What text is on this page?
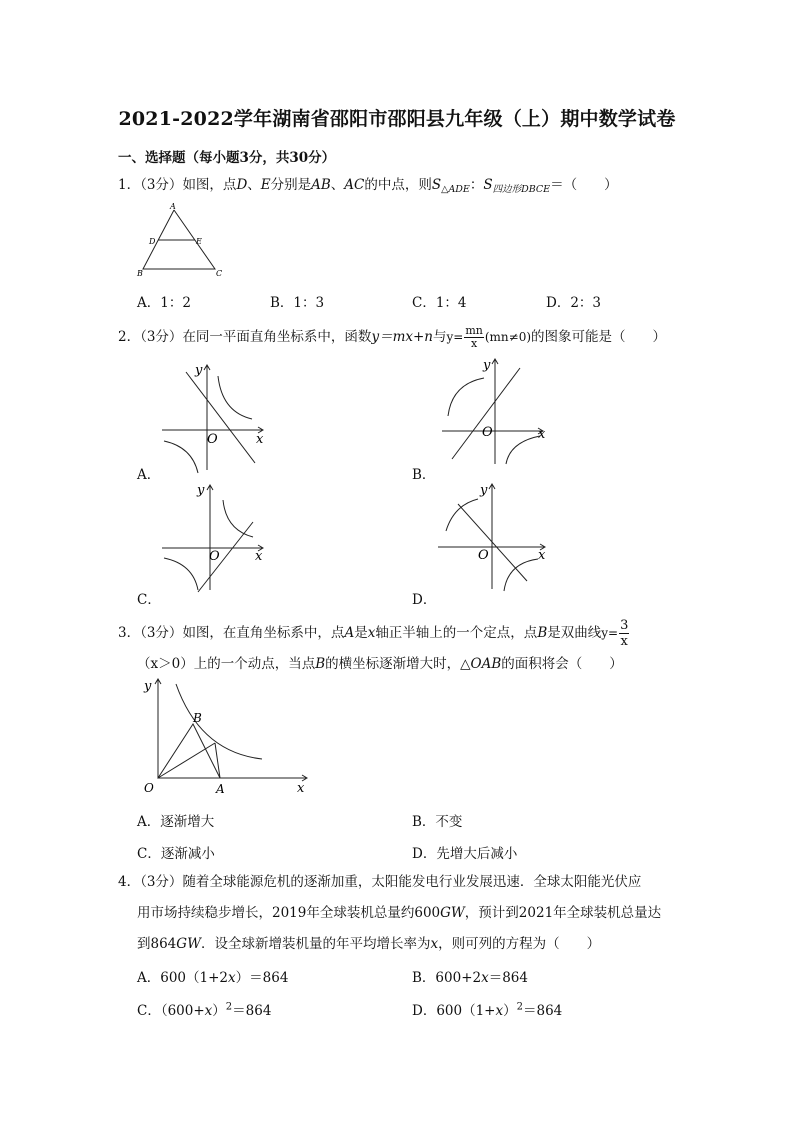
2021-2022学年湖南省邵阳市邵阳县九年级（上）期中数学试卷
一、选择题（每小题3分，共30分）
1．（3分）如图，点D、E分别是AB、AC的中点，则$S_{\triangle ADE}$：$S_{四边形DBCE}=$（　　）
A
D	E
B	C
A．1：2	B．1：3	C．1：4	D．2：3
2．（3分）在同一平面直角坐标系中，函数y＝mx+n与$y= \frac{mn}{x} (mn\ne 0)$的图象可能是（　　）
y
x
O
A．
y
x
O
B．
y
x
O
C．
y
x
O
D．
3．（3分）如图，在直角坐标系中，点A是x轴正半轴上的一个定点，点B是双曲线$y= \frac{3}{x}$
（x＞0）上的一个动点，当点B的横坐标逐渐增大时，△OAB的面积将会（　　）
y
B
O	A	x
A．逐渐增大	B．不变
C．逐渐减小	D．先增大后减小
4．（3分）随着全球能源危机的逐渐加重，太阳能发电行业发展迅速．全球太阳能光伏应
用市场持续稳步增长，2019年全球装机总量约600GW，预计到2021年全球装机总量达
到864GW．设全球新增装机量的年平均增长率为x，则可列的方程为（　　）
A．600（1+2x）＝864	B．600+2x＝864
C．$(600+x)^2=864$	D．$600(1+x)^2=864$
